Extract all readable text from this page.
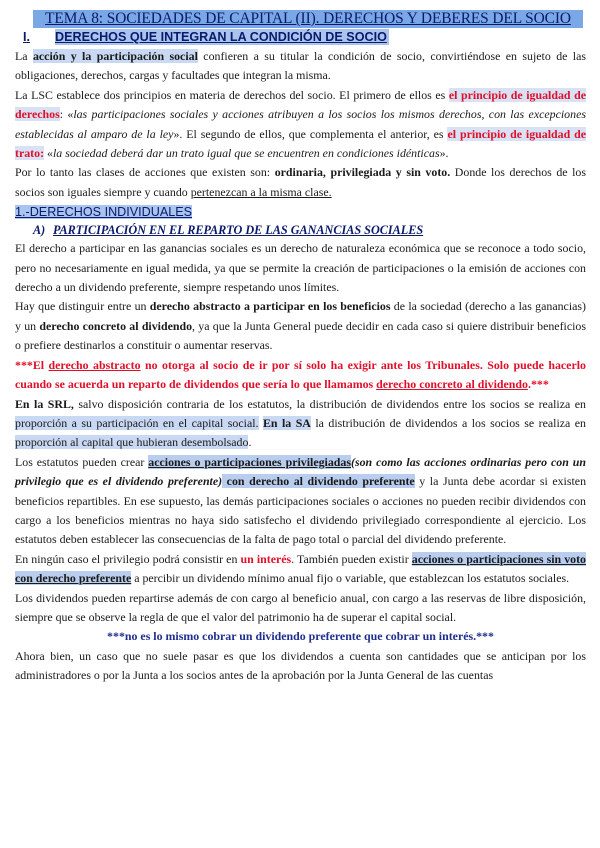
TEMA 8: SOCIEDADES DE CAPITAL (II). DERECHOS Y DEBERES DEL SOCIO
I.	DERECHOS QUE INTEGRAN LA CONDICIÓN DE SOCIO

La acción y la participación social confieren a su titular la condición de socio, convirtiéndose en sujeto de las obligaciones, derechos, cargas y facultades que integran la misma.

La LSC establece dos principios en materia de derechos del socio. El primero de ellos es el principio de igualdad de derechos: «las participaciones sociales y acciones atribuyen a los socios los mismos derechos, con las excepciones establecidas al amparo de la ley». El segundo de ellos, que complementa el anterior, es el principio de igualdad de trato: «la sociedad deberá dar un trato igual que se encuentren en condiciones idénticas».

Por lo tanto las clases de acciones que existen son: ordinaria, privilegiada y sin voto. Donde los derechos de los socios son iguales siempre y cuando pertenezcan a la misma clase.

1.-DERECHOS INDIVIDUALES
A) PARTICIPACIÓN EN EL REPARTO DE LAS GANANCIAS SOCIALES

El derecho a participar en las ganancias sociales es un derecho de naturaleza económica que se reconoce a todo socio, pero no necesariamente en igual medida, ya que se permite la creación de participaciones o la emisión de acciones con derecho a un dividendo preferente, siempre respetando unos límites.

Hay que distinguir entre un derecho abstracto a participar en los beneficios de la sociedad (derecho a las ganancias) y un derecho concreto al dividendo, ya que la Junta General puede decidir en cada caso si quiere distribuir beneficios o prefiere destinarlos a constituir o aumentar reservas.

***El derecho abstracto no otorga al socio de ir por sí solo ha exigir ante los Tribunales. Solo puede hacerlo cuando se acuerda un reparto de dividendos que sería lo que llamamos derecho concreto al dividendo.***

En la SRL, salvo disposición contraria de los estatutos, la distribución de dividendos entre los socios se realiza en proporción a su participación en el capital social. En la SA la distribución de dividendos a los socios se realiza en proporción al capital que hubieran desembolsado.

Los estatutos pueden crear acciones o participaciones privilegiadas(son como las acciones ordinarias pero con un privilegio que es el dividendo preferente) con derecho al dividendo preferente y la Junta debe acordar si existen beneficios repartibles. En ese supuesto, las demás participaciones sociales o acciones no pueden recibir dividendos con cargo a los beneficios mientras no haya sido satisfecho el dividendo privilegiado correspondiente al ejercicio. Los estatutos deben establecer las consecuencias de la falta de pago total o parcial del dividendo preferente.

En ningún caso el privilegio podrá consistir en un interés. También pueden existir acciones o participaciones sin voto con derecho preferente a percibir un dividendo mínimo anual fijo o variable, que establezcan los estatutos sociales.

Los dividendos pueden repartirse además de con cargo al beneficio anual, con cargo a las reservas de libre disposición, siempre que se observe la regla de que el valor del patrimonio ha de superar el capital social.

***no es lo mismo cobrar un dividendo preferente que cobrar un interés.***

Ahora bien, un caso que no suele pasar es que los dividendos a cuenta son cantidades que se anticipan por los administradores o por la Junta a los socios antes de la aprobación por la Junta General de las cuentas
